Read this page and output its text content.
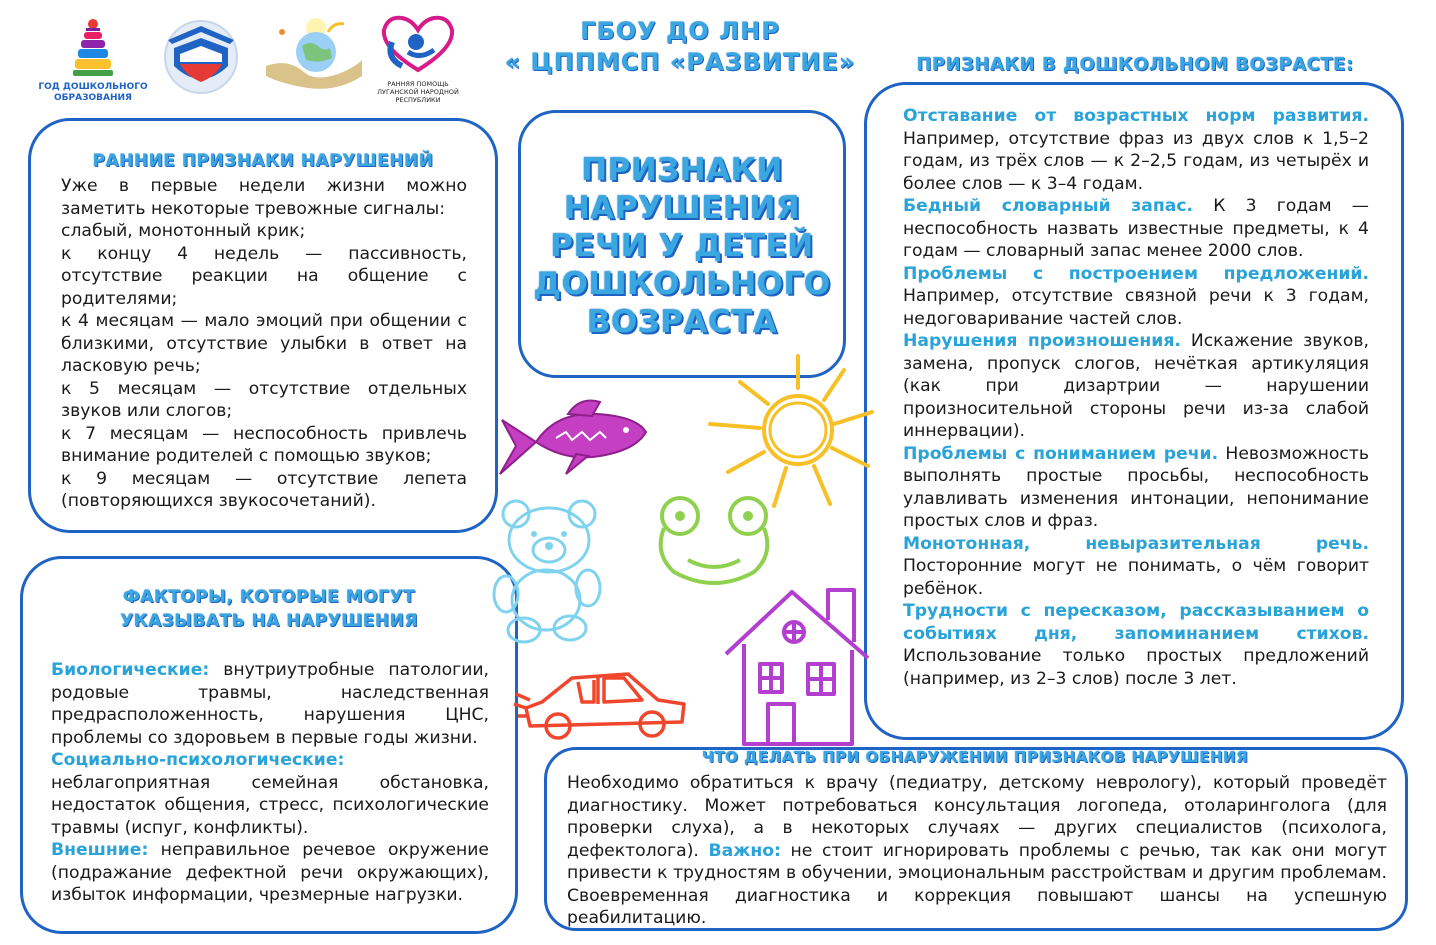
ГОД ДОШКОЛЬНОГО ОБРАЗОВАНИЯ
РАННЯЯ ПОМОЩЬ ЛУГАНСКОЙ НАРОДНОЙ РЕСПУБЛИКИ
ГБОУ ДО ЛНР
« ЦППМСП «РАЗВИТИЕ»
РАННИЕ ПРИЗНАКИ НАРУШЕНИЙ

Уже в первые недели жизни можно заметить некоторые тревожные сигналы:

слабый, монотонный крик;

к концу 4 недель — пассивность, отсутствие реакции на общение с родителями;

к 4 месяцам — мало эмоций при общении с близкими, отсутствие улыбки в ответ на ласковую речь;

к 5 месяцам — отсутствие отдельных звуков или слогов;

к 7 месяцам — неспособность привлечь внимание родителей с помощью звуков;

к 9 месяцам — отсутствие лепета (повторяющихся звукосочетаний).

ФАКТОРЫ, КОТОРЫЕ МОГУТ
УКАЗЫВАТЬ НА НАРУШЕНИЯ

Биологические: внутриутробные патологии, родовые травмы, наследственная предрасположенность, нарушения ЦНС, проблемы со здоровьем в первые годы жизни.

Социально-психологические: неблагоприятная семейная обстановка, недостаток общения, стресс, психологические травмы (испуг, конфликты).

Внешние: неправильное речевое окружение (подражание дефектной речи окружающих), избыток информации, чрезмерные нагрузки.

ПРИЗНАКИ
НАРУШЕНИЯ
РЕЧИ У ДЕТЕЙ
ДОШКОЛЬНОГО
ВОЗРАСТА
ПРИЗНАКИ В ДОШКОЛЬНОМ ВОЗРАСТЕ:

Отставание от возрастных норм развития. Например, отсутствие фраз из двух слов к 1,5–2 годам, из трёх слов — к 2–2,5 годам, из четырёх и более слов — к 3–4 годам.

Бедный словарный запас. К 3 годам — неспособность назвать известные предметы, к 4 годам — словарный запас менее 2000 слов.

Проблемы с построением предложений. Например, отсутствие связной речи к 3 годам, недоговаривание частей слов.

Нарушения произношения. Искажение звуков, замена, пропуск слогов, нечёткая артикуляция (как при дизартрии — нарушении произносительной стороны речи из-за слабой иннервации).

Проблемы с пониманием речи. Невозможность выполнять простые просьбы, неспособность улавливать изменения интонации, непонимание простых слов и фраз.

Монотонная, невыразительная речь. Посторонние могут не понимать, о чём говорит ребёнок.

Трудности с пересказом, рассказыванием о событиях дня, запоминанием стихов. Использование только простых предложений (например, из 2–3 слов) после 3 лет.

Необходимо обратиться к врачу (педиатру, детскому неврологу), который проведёт диагностику. Может потребоваться консультация логопеда, отоларинголога (для проверки слуха), а в некоторых случаях — других специалистов (психолога, дефектолога). Важно: не стоит игнорировать проблемы с речью, так как они могут привести к трудностям в обучении, эмоциональным расстройствам и другим проблемам. Своевременная диагностика и коррекция повышают шансы на успешную реабилитацию.

ЧТО ДЕЛАТЬ ПРИ ОБНАРУЖЕНИИ ПРИЗНАКОВ НАРУШЕНИЯ
